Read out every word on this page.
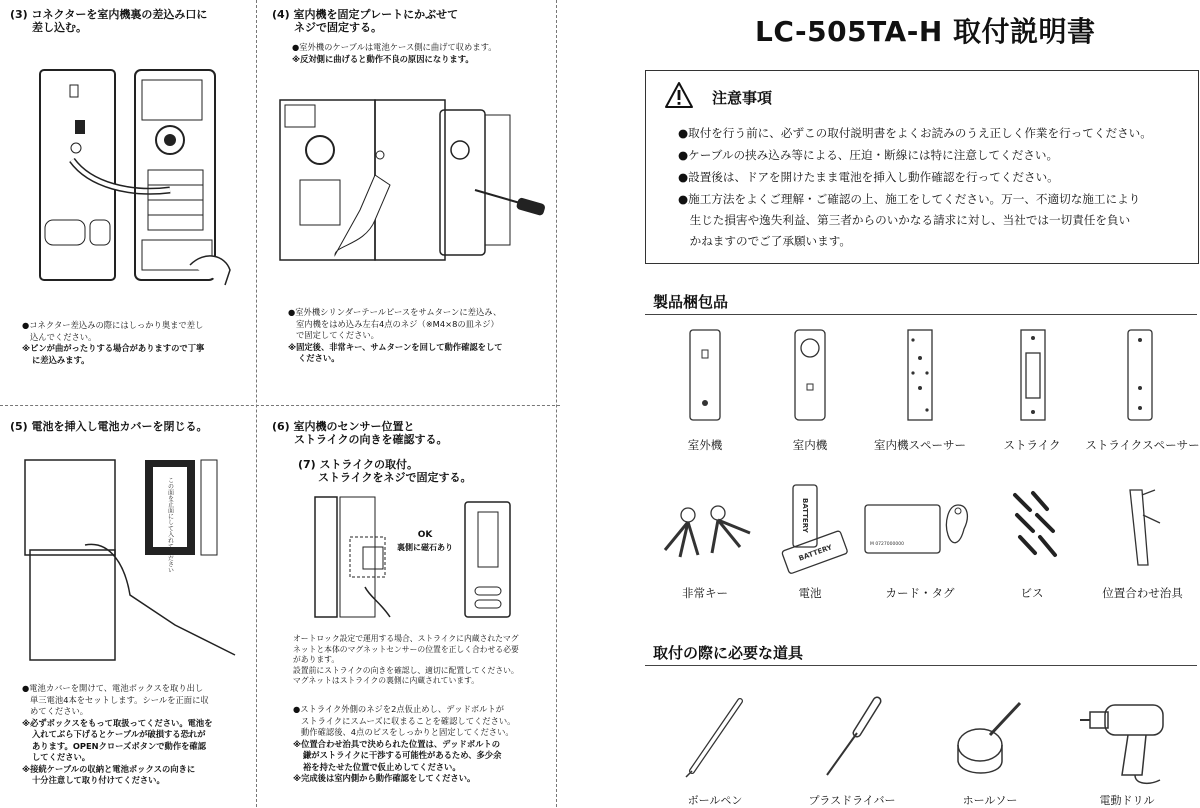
(3) コネクターを室内機裏の差込み口に
差し込む。
●コネクター差込みの際にはしっかり奥まで差し
込んでください。
※ピンが曲がったりする場合がありますので丁寧
に差込みます。
(4) 室内機を固定プレートにかぶせて
ネジで固定する。
●室外機のケーブルは電池ケース側に曲げて収めます。
※反対側に曲げると動作不良の原因になります。
●室外機シリンダーテールピースをサムターンに差込み、
室内機をはめ込み左右4点のネジ（※M4×8の皿ネジ）
で固定してください。
※固定後、非常キー、サムターンを回して動作確認をして
ください。
(5) 電池を挿入し電池カバーを閉じる。
この面を正面にして入れてください
●電池カバーを開けて、電池ボックスを取り出し
単三電池4本をセットします。シールを正面に収
めてください。
※必ずボックスをもって取扱ってください。電池を
入れてぶら下げるとケーブルが破損する恐れが
あります。OPENクローズボタンで動作を確認
してください。
※接続ケーブルの収納と電池ボックスの向きに
十分注意して取り付けてください。
(6) 室内機のセンサー位置と
ストライクの向きを確認する。
(7) ストライクの取付。
ストライクをネジで固定する。
OK
裏側に磁石あり
オートロック設定で運用する場合、ストライクに内蔵されたマグ
ネットと本体のマグネットセンサーの位置を正しく合わせる必要
があります。
設置前にストライクの向きを確認し、適切に配置してください。
マグネットはストライクの裏側に内蔵されています。
●ストライク外側のネジを2点仮止めし、デッドボルトが
ストライクにスムーズに収まることを確認してください。
動作確認後、4点のビスをしっかりと固定してください。
※位置合わせ治具で決められた位置は、デッドボルトの
鎌がストライクに干渉する可能性があるため、多少余
裕を持たせた位置で仮止めしてください。
※完成後は室内側から動作確認をしてください。
LC-505TA-H 取付説明書
注意事項
●取付を行う前に、必ずこの取付説明書をよくお読みのうえ正しく作業を行ってください。
●ケーブルの挟み込み等による、圧迫・断線には特に注意してください。
●設置後は、ドアを開けたまま電池を挿入し動作確認を行ってください。
●施工方法をよくご理解・ご確認の上、施工をしてください。万一、不適切な施工により
　生じた損害や逸失利益、第三者からのいかなる請求に対し、当社では一切責任を負い
　かねますのでご了承願います。
製品梱包品
室外機	室内機	室内機スペーサー	ストライク	ストライクスペーサー
BATTERY
BATTERY	M 0727000000
非常キー	電池	カード・タグ	ビス	位置合わせ治具
取付の際に必要な道具
ボールペン	プラスドライバー	ホールソー	電動ドリル
